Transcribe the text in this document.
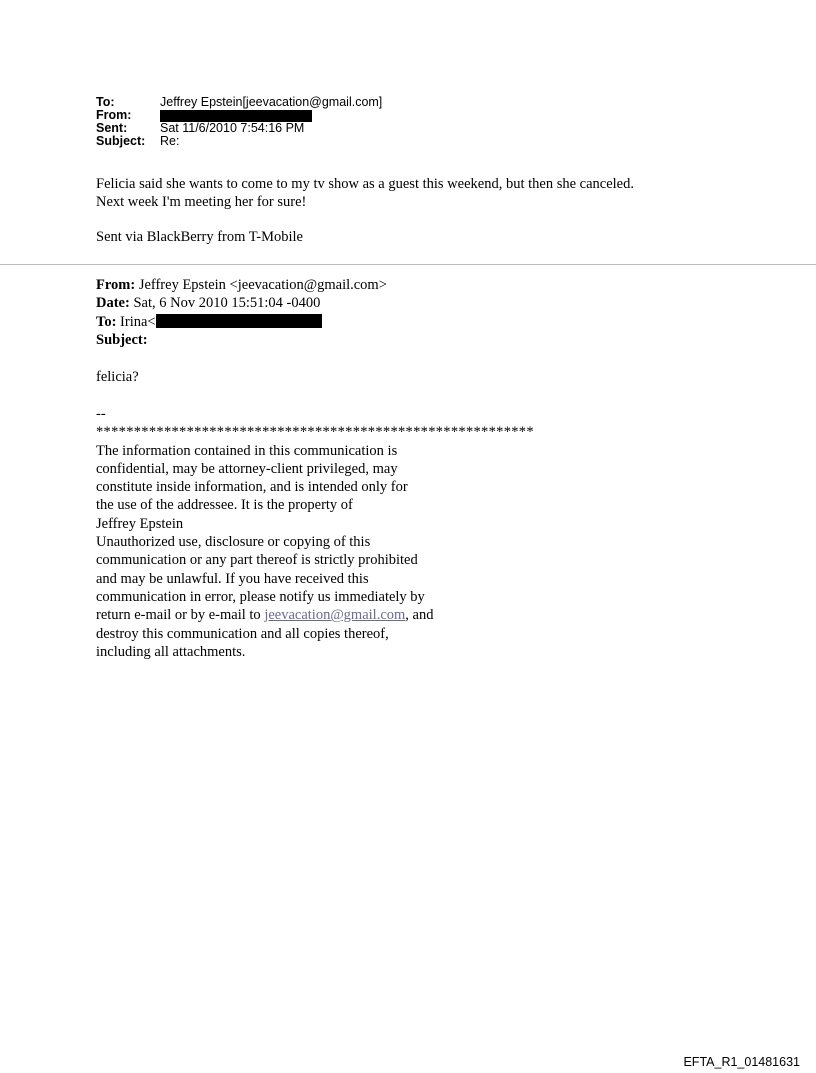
To:	Jeffrey Epstein[jeevacation@gmail.com]
From:
Sent:	Sat 11/6/2010 7:54:16 PM
Subject:	Re:
Felicia said she wants to come to my tv show as a guest this weekend, but then she canceled.
Next week I'm meeting her for sure!
Sent via BlackBerry from T-Mobile
From: Jeffrey Epstein <jeevacation@gmail.com>
Date: Sat, 6 Nov 2010 15:51:04 -0400
To: Irina<
Subject:
felicia?
--
**********************************************************
The information contained in this communication is
confidential, may be attorney-client privileged, may
constitute inside information, and is intended only for
the use of the addressee. It is the property of
Jeffrey Epstein
Unauthorized use, disclosure or copying of this
communication or any part thereof is strictly prohibited
and may be unlawful. If you have received this
communication in error, please notify us immediately by
return e-mail or by e-mail to jeevacation@gmail.com, and
destroy this communication and all copies thereof,
including all attachments.
EFTA_R1_01481631
